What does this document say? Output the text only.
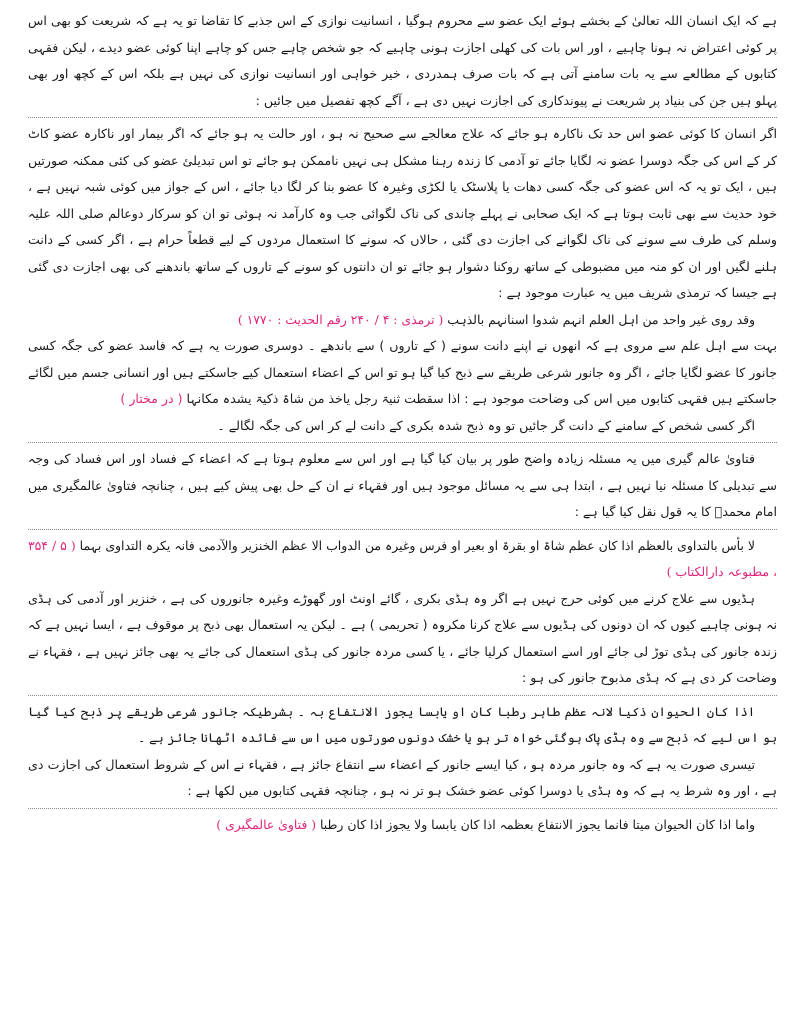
ہے کہ ایک انسان اللہ تعالیٰ کے بخشے ہوئے ایک عضو سے محروم ہوگیا ، انسانیت نوازی کے اس جذبے کا تقاضا تو یہ ہے کہ شریعت کو بھی اس پر کوئی اعتراض نہ ہونا چاہیے ، اور اس بات کی کھلی اجازت ہونی چاہیے کہ جو شخص چاہے جس کو چاہے اپنا کوئی عضو دیدے ، لیکن فقہی کتابوں کے مطالعے سے یہ بات سامنے آتی ہے کہ بات صرف ہمدردی ، خیر خواہی اور انسانیت نوازی کی نہیں ہے بلکہ اس کے کچھ اور بھی پہلو ہیں جن کی بنیاد پر شریعت نے پیوندکاری کی اجازت نہیں دی ہے ، آگے کچھ تفصیل میں جائیں :

اگر انسان کا کوئی عضو اس حد تک ناکارہ ہو جائے کہ علاج معالجے سے صحیح نہ ہو ، اور حالت یہ ہو جائے کہ اگر بیمار اور ناکارہ عضو کاٹ کر کے اس کی جگہ دوسرا عضو نہ لگایا جائے تو آدمی کا زندہ رہنا مشکل ہی نہیں ناممکن ہو جائے تو اس تبدیلئ عضو کی کئی ممکنہ صورتیں ہیں ، ایک تو یہ کہ اس عضو کی جگہ کسی دھات یا پلاسٹک یا لکڑی وغیرہ کا عضو بنا کر لگا دیا جائے ، اس کے جواز میں کوئی شبہ نہیں ہے ، خود حدیث سے بھی ثابت ہوتا ہے کہ ایک صحابی نے پہلے چاندی کی ناک لگوائی جب وہ کارآمد نہ ہوئی تو ان کو سرکار دوعالم صلی اللہ علیہ وسلم کی طرف سے سونے کی ناک لگوانے کی اجازت دی گئی ، حالاں کہ سونے کا استعمال مردوں کے لیے قطعاً حرام ہے ، اگر کسی کے دانت ہلنے لگیں اور ان کو منہ میں مضبوطی کے ساتھ روکنا دشوار ہو جائے تو ان دانتوں کو سونے کے تاروں کے ساتھ باندھنے کی بھی اجازت دی گئی ہے جیسا کہ ترمذی شریف میں یہ عبارت موجود ہے :

وقد روی غیر واحد من اہل العلم انہم شدوا اسنانہم بالذہب ( ترمذی : ۴ / ۲۴۰ رقم الحدیث : ۱۷۷۰ )

بہت سے اہل علم سے مروی ہے کہ انھوں نے اپنے دانت سونے ( کے تاروں ) سے باندھے ۔ دوسری صورت یہ ہے کہ فاسد عضو کی جگہ کسی جانور کا عضو لگایا جائے ، اگر وہ جانور شرعی طریقے سے ذبح کیا گیا ہو تو اس کے اعضاء استعمال کیے جاسکتے ہیں اور انسانی جسم میں لگائے جاسکتے ہیں فقہی کتابوں میں اس کی وضاحت موجود ہے : اذا سقطت ثنیۃ رجل یاخذ من شاۃ ذکیۃ یشدہ مکانہا ( در مختار )

اگر کسی شخص کے سامنے کے دانت گر جائیں تو وہ ذبح شدہ بکری کے دانت لے کر اس کی جگہ لگالے ۔

فتاویٰ عالم گیری میں یہ مسئلہ زیادہ واضح طور پر بیان کیا گیا ہے اور اس سے معلوم ہوتا ہے کہ اعضاء کے فساد اور اس فساد کی وجہ سے تبدیلی کا مسئلہ نیا نہیں ہے ، ابتدا ہی سے یہ مسائل موجود ہیں اور فقہاء نے ان کے حل بھی پیش کیے ہیں ، چنانچہ فتاویٰ عالمگیری میں امام محمدؒ کا یہ قول نقل کیا گیا ہے :

لا بأس بالتداوی بالعظم اذا کان عظم شاۃ او بقرۃ او بعیر او فرس وغیرہ من الدواب الا عظم الخنزیر والآدمی فانہ یکرہ التداوی بہما ( ۵ / ۳۵۴ ، مطبوعہ دارالکتاب )

ہڈیوں سے علاج کرنے میں کوئی حرج نہیں ہے اگر وہ ہڈی بکری ، گائے اونٹ اور گھوڑے وغیرہ جانوروں کی ہے ، خنزیر اور آدمی کی ہڈی نہ ہونی چاہیے کیوں کہ ان دونوں کی ہڈیوں سے علاج کرنا مکروہ ( تحریمی ) ہے ۔ لیکن یہ استعمال بھی ذبح پر موقوف ہے ، ایسا نہیں ہے کہ زندہ جانور کی ہڈی توڑ لی جائے اور اسے استعمال کرلیا جائے ، یا کسی مردہ جانور کی ہڈی استعمال کی جائے یہ بھی جائز نہیں ہے ، فقہاء نے وضاحت کر دی ہے کہ ہڈی مذبوح جانور کی ہو :

اذا کان الحیوان ذکیا لانہ عظم طاہر رطبا کان او یابسا یجوز الانتفاع بہ ۔ بشرطیکہ جانور شرعی طریقے پر ذبح کیا گیا ہو اس لیے کہ ذبح سے وہ ہڈی پاک ہوگئی خواہ تر ہو یا خشک دونوں صورتوں میں اس سے فائدہ اٹھانا جائز ہے ۔

تیسری صورت یہ ہے کہ وہ جانور مردہ ہو ، کیا ایسے جانور کے اعضاء سے انتفاع جائز ہے ، فقہاء نے اس کے شروط استعمال کی اجازت دی ہے ، اور وہ شرط یہ ہے کہ وہ ہڈی یا دوسرا کوئی عضو خشک ہو تر نہ ہو ، چنانچہ فقہی کتابوں میں لکھا ہے :

واما اذا کان الحیوان میتا فانما یجوز الانتفاع بعظمہ اذا کان یابسا ولا یجوز اذا کان رطبا ( فتاویٰ عالمگیری )
